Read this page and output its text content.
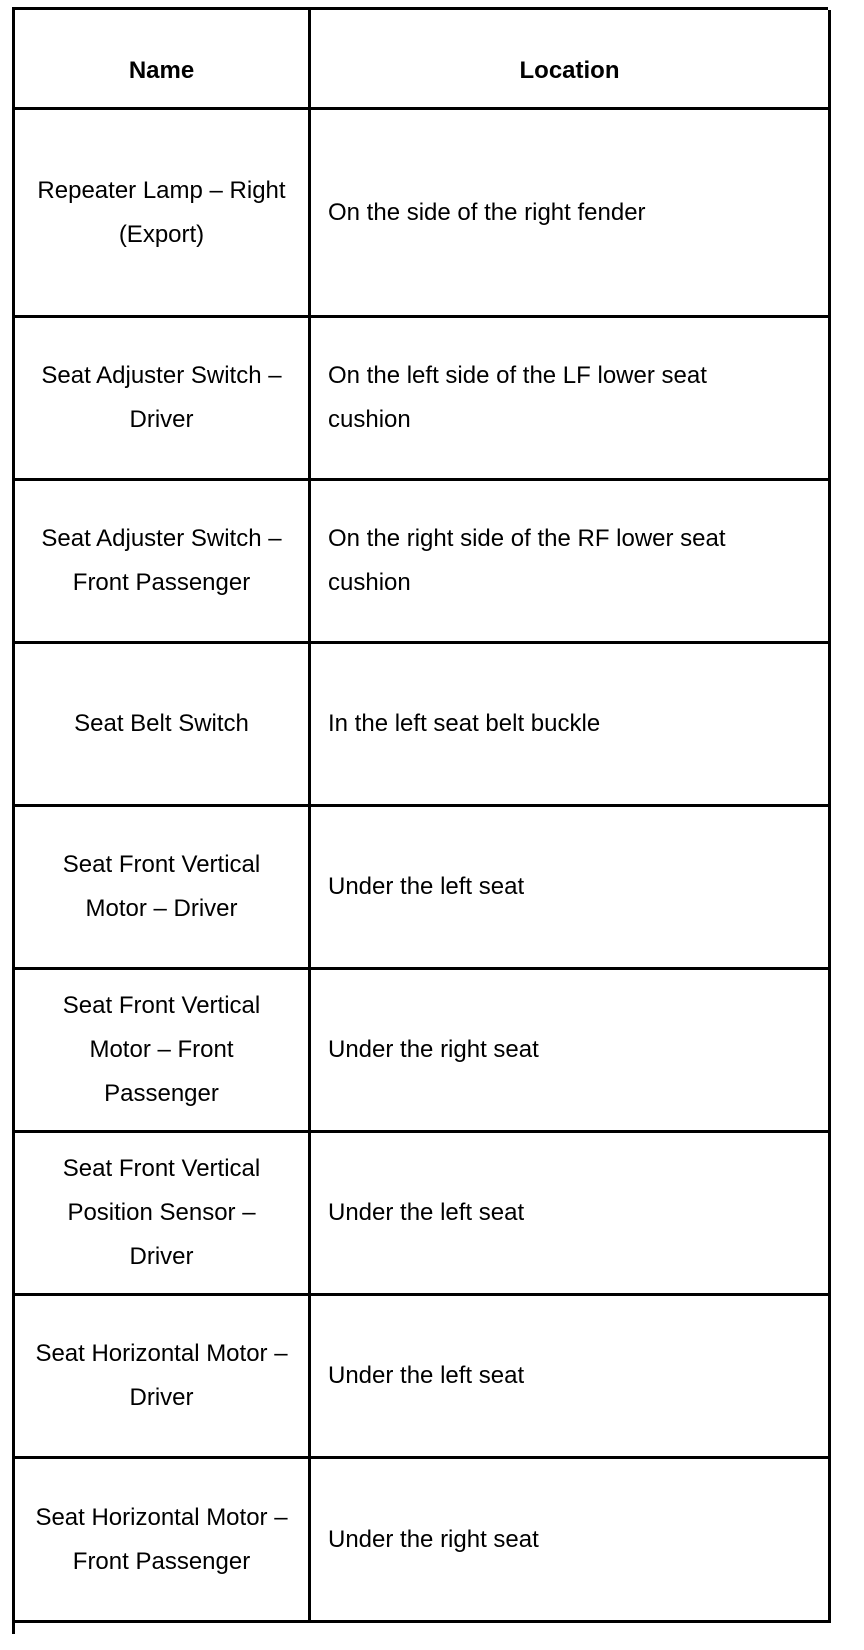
Name	Location
Repeater Lamp – Right (Export)
On the side of the right fender
Seat Adjuster Switch – Driver
On the left side of the LF lower seat cushion
Seat Adjuster Switch – Front Passenger
On the right side of the RF lower seat cushion
Seat Belt Switch	In the left seat belt buckle
Seat Front Vertical Motor – Driver
Under the left seat
Seat Front Vertical Motor – Front Passenger
Under the right seat
Seat Front Vertical Position Sensor – Driver
Under the left seat
Seat Horizontal Motor – Driver
Under the left seat
Seat Horizontal Motor – Front Passenger
Under the right seat
